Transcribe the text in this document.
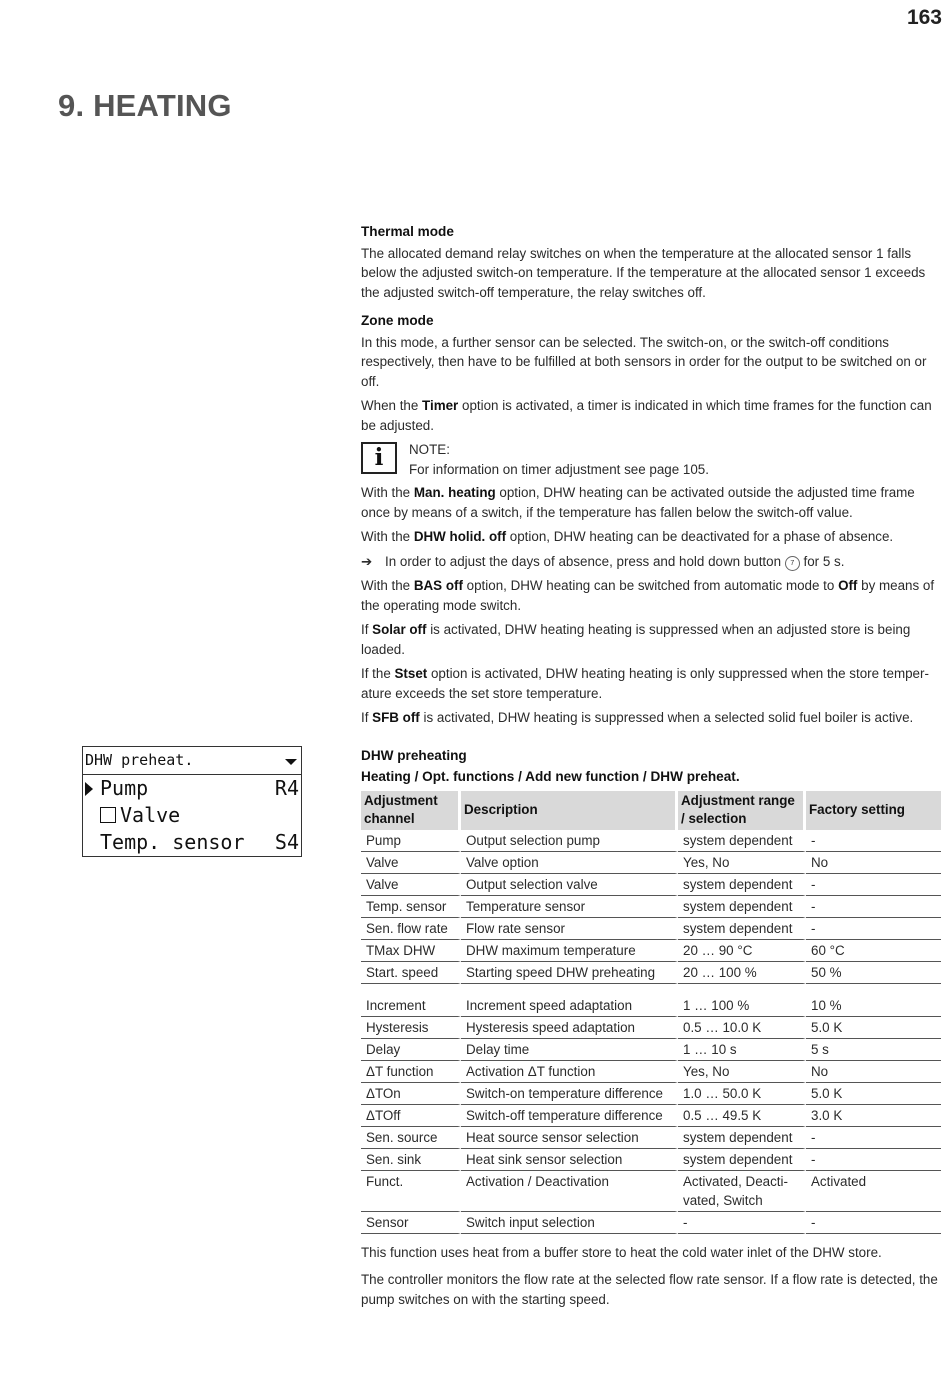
163
9. HEATING
Thermal mode

The allocated demand relay switches on when the temperature at the allocated sensor 1 falls below the adjusted switch-on temperature. If the temperature at the allocated sensor 1 exceeds the adjusted switch-off temperature, the relay switches off.

Zone mode

In this mode, a further sensor can be selected. The switch-on, or the switch-off conditions respectively, then have to be fulfilled at both sensors in order for the output to be switched on or off.

When the Timer option is activated, a timer is indicated in which time frames for the function can be adjusted.

i	NOTE:
For information on timer adjustment see page 105.

With the Man. heating option, DHW heating can be activated outside the adjusted time frame once by means of a switch, if the temperature has fallen below the switch-off value.

With the DHW holid. off option, DHW heating can be deactivated for a phase of absence.

➔ In order to adjust the days of absence, press and hold down button 7 for 5 s.

With the BAS off option, DHW heating can be switched from automatic mode to Off by means of the operating mode switch.

If Solar off is activated, DHW heating heating is suppressed when an adjusted store is being loaded.

If the Stset option is activated, DHW heating heating is only suppressed when the store temper-ature exceeds the set store temperature.

If SFB off is activated, DHW heating is suppressed when a selected solid fuel boiler is active.

DHW preheating
Heating / Opt. functions / Add new function / DHW preheat.
Adjustment channel	Description	Adjustment range / selection	Factory setting
Pump	Output selection pump	system dependent	-
Valve	Valve option	Yes, No	No
Valve	Output selection valve	system dependent	-
Temp. sensor	Temperature sensor	system dependent	-
Sen. flow rate	Flow rate sensor	system dependent	-
TMax DHW	DHW maximum temperature	20 … 90 °C	60 °C
Start. speed	Starting speed DHW preheating	20 … 100 %	50 %

Increment	Increment speed adaptation	1 … 100 %	10 %
Hysteresis	Hysteresis speed adaptation	0.5 … 10.0 K	5.0 K
Delay	Delay time	1 … 10 s	5 s
ΔT function	Activation ΔT function	Yes, No	No
ΔTOn	Switch-on temperature difference	1.0 … 50.0 K	5.0 K
ΔTOff	Switch-off temperature difference	0.5 … 49.5 K	3.0 K
Sen. source	Heat source sensor selection	system dependent	-
Sen. sink	Heat sink sensor selection	system dependent	-
Funct.	Activation / Deactivation	Activated, Deacti-vated, Switch	Activated
Sensor	Switch input selection	-	-

This function uses heat from a buffer store to heat the cold water inlet of the DHW store.

The controller monitors the flow rate at the selected flow rate sensor. If a flow rate is detected, the pump switches on with the starting speed.

DHW preheat.
Pump	R4
Valve
Temp. sensor S4
